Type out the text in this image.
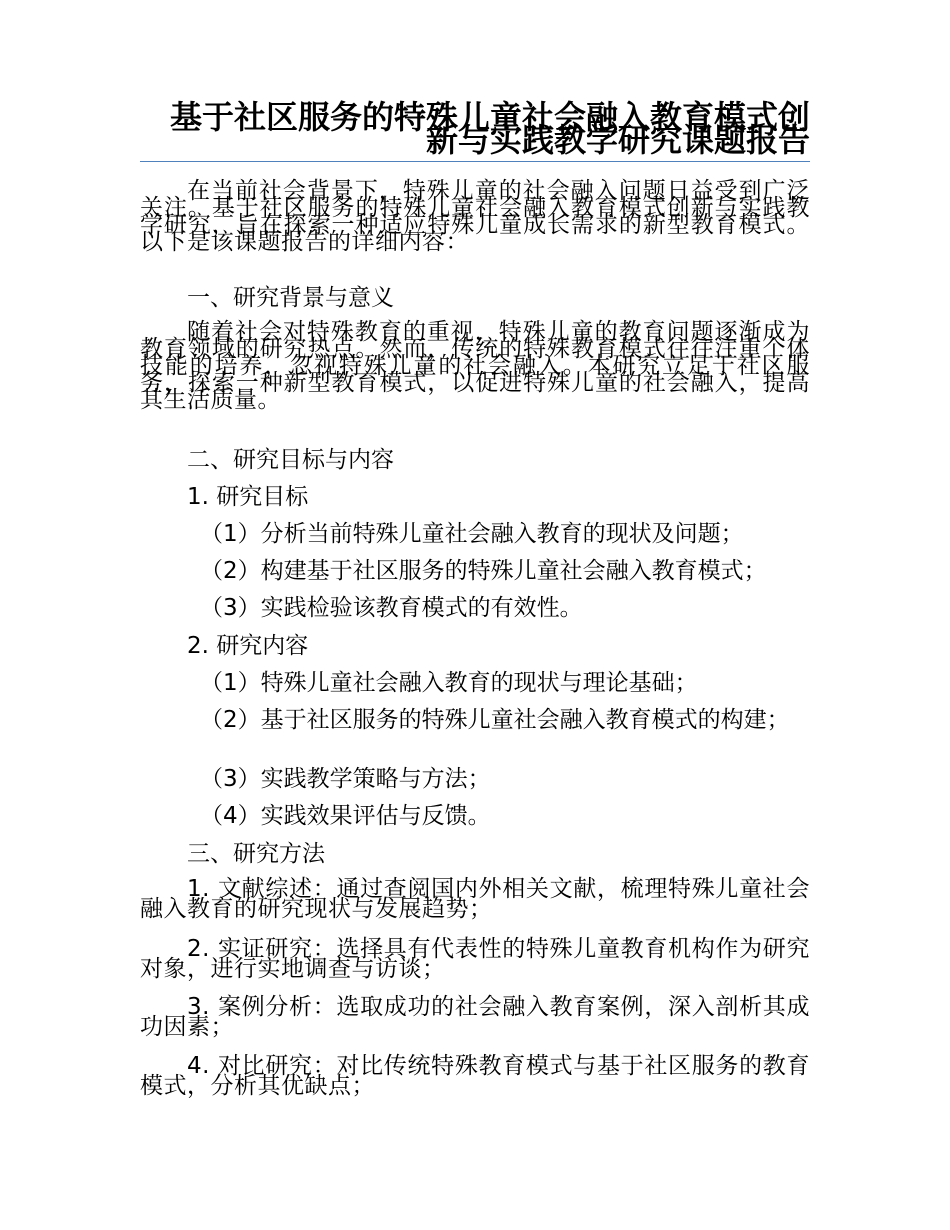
基于社区服务的特殊儿童社会融入教育模式创新与实践教学研究课题报告
在当前社会背景下，特殊儿童的社会融入问题日益受到广泛关注。基于社区服务的特殊儿童社会融入教育模式创新与实践教学研究，旨在探索一种适应特殊儿童成长需求的新型教育模式。以下是该课题报告的详细内容：
一、研究背景与意义
随着社会对特殊教育的重视，特殊儿童的教育问题逐渐成为教育领域的研究热点。然而，传统的特殊教育模式往往注重个体技能的培养，忽视特殊儿童的社会融入。本研究立足于社区服务，探索一种新型教育模式，以促进特殊儿童的社会融入，提高其生活质量。
二、研究目标与内容
1. 研究目标
（1）分析当前特殊儿童社会融入教育的现状及问题；
（2）构建基于社区服务的特殊儿童社会融入教育模式；
（3）实践检验该教育模式的有效性。
2. 研究内容
（1）特殊儿童社会融入教育的现状与理论基础；
（2）基于社区服务的特殊儿童社会融入教育模式的构建；
（3）实践教学策略与方法；
（4）实践效果评估与反馈。
三、研究方法
1. 文献综述：通过查阅国内外相关文献，梳理特殊儿童社会融入教育的研究现状与发展趋势；
2. 实证研究：选择具有代表性的特殊儿童教育机构作为研究对象，进行实地调查与访谈；
3. 案例分析：选取成功的社会融入教育案例，深入剖析其成功因素；
4. 对比研究：对比传统特殊教育模式与基于社区服务的教育模式，分析其优缺点；
